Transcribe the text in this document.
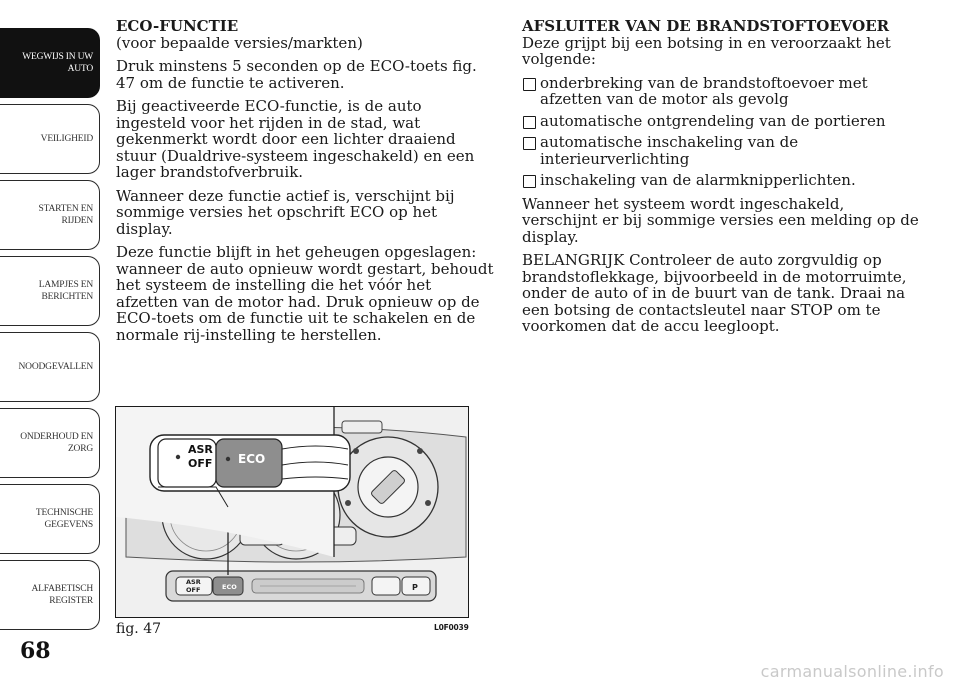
WEGWIJS IN UW
AUTO
VEILIGHEID
STARTEN EN
RIJDEN
LAMPJES EN
BERICHTEN
NOODGEVALLEN
ONDERHOUD EN
ZORG
TECHNISCHE
GEGEVENS
ALFABETISCH
REGISTER
68
ECO-FUNCTIE
(voor bepaalde versies/markten)

Druk minstens 5 seconden op de ECO-toets fig. 47 om de functie te activeren.

Bij geactiveerde ECO-functie, is de auto ingesteld voor het rijden in de stad, wat gekenmerkt wordt door een lichter draaiend stuur (Dualdrive-systeem ingeschakeld) en een lager brandstofverbruik.

Wanneer deze functie actief is, verschijnt bij sommige versies het opschrift ECO op het display.

Deze functie blijft in het geheugen opgeslagen: wanneer de auto opnieuw wordt gestart, behoudt het systeem de instelling die het vóór het afzetten van de motor had. Druk opnieuw op de ECO-toets om de functie uit te schakelen en de normale rij-instelling te herstellen.

AFSLUITER VAN DE BRANDSTOFTOEVOER

Deze grijpt bij een botsing in en veroorzaakt het volgende:

onderbreking van de brandstoftoevoer met afzetten van de motor als gevolg
automatische ontgrendeling van de portieren
automatische inschakeling van de interieurverlichting
inschakeling van de alarmknipperlichten.

Wanneer het systeem wordt ingeschakeld, verschijnt er bij sommige versies een melding op de display.

BELANGRIJK Controleer de auto zorgvuldig op brandstoflekkage, bijvoorbeeld in de motorruimte, onder de auto of in de buurt van de tank. Draai na een botsing de contactsleutel naar STOP om te voorkomen dat de accu leegloopt.

ASR
OFF	ECO	P
ASR
OFF ECO
fig. 47	L0F0039
carmanualsonline.info
